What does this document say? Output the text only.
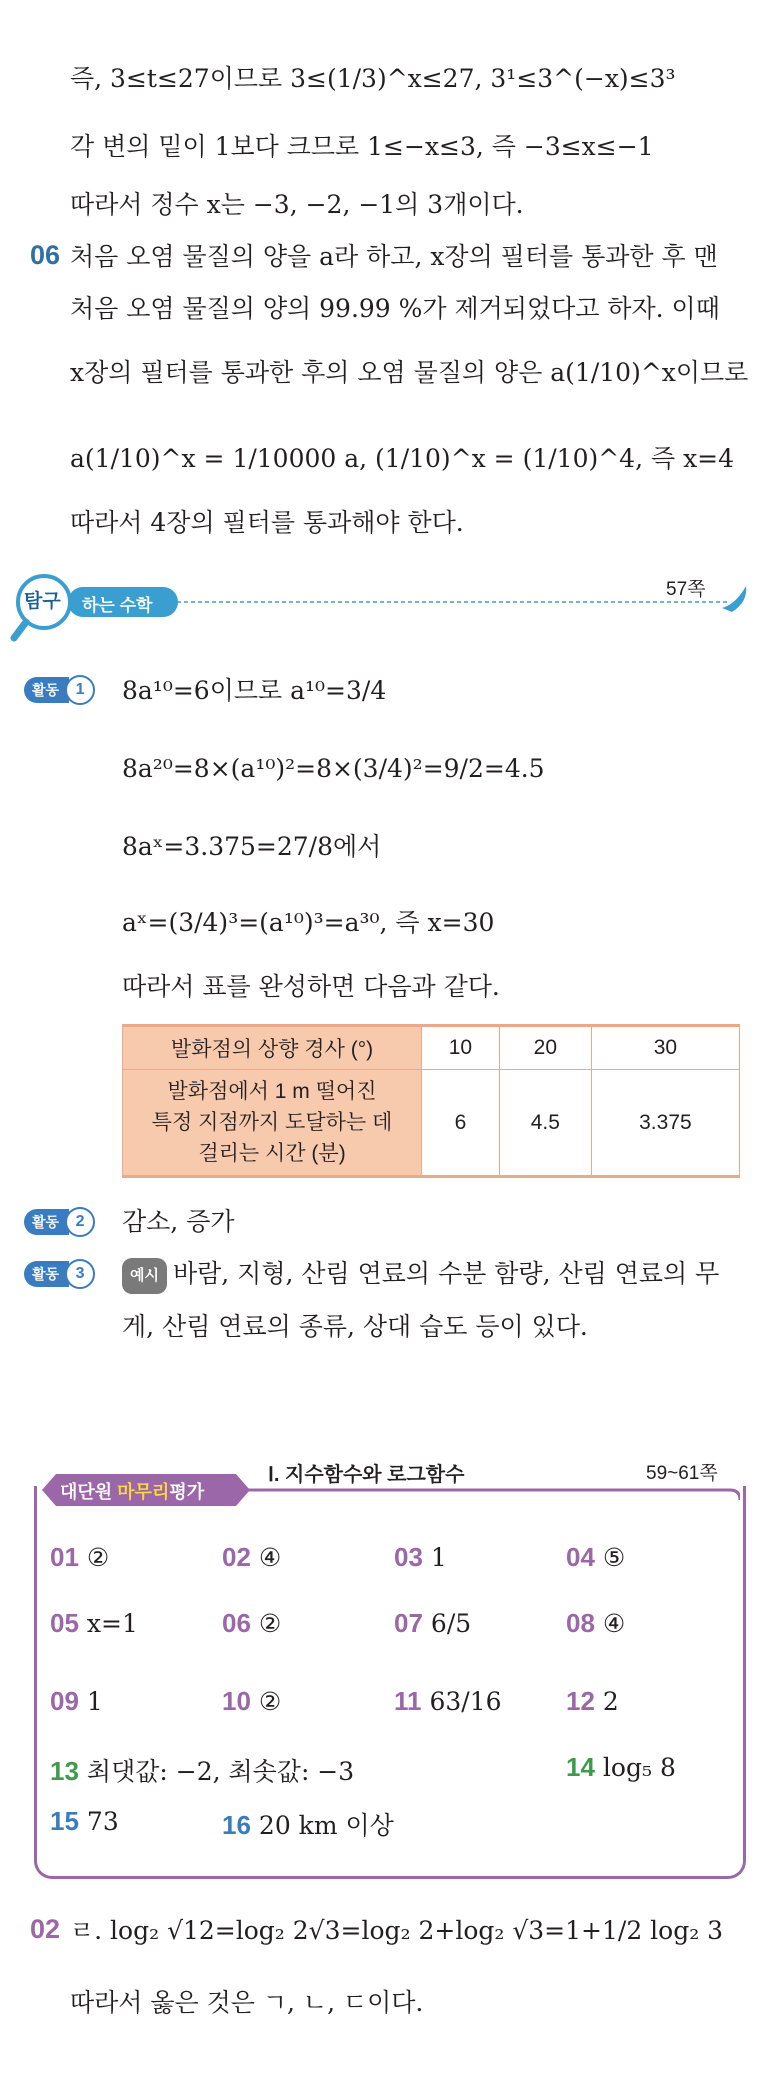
즉, 3≤t≤27이므로 3≤(1/3)^x≤27, 3¹≤3^(−x)≤3³
각 변의 밑이 1보다 크므로 1≤−x≤3, 즉 −3≤x≤−1
따라서 정수 x는 −3, −2, −1의 3개이다.
06 처음 오염 물질의 양을 a라 하고, x장의 필터를 통과한 후 맨
처음 오염 물질의 양의 99.99 %가 제거되었다고 하자. 이때
x장의 필터를 통과한 후의 오염 물질의 양은 a(1/10)^x이므로
a(1/10)^x = 1/10000 a, (1/10)^x = (1/10)^4, 즉 x=4
따라서 4장의 필터를 통과해야 한다.
탐구 하는 수학
57쪽
활동	1	8a¹⁰=6이므로 a¹⁰=3/4
8a²⁰=8×(a¹⁰)²=8×(3/4)²=9/2=4.5
8aˣ=3.375=27/8에서
aˣ=(3/4)³=(a¹⁰)³=a³⁰, 즉 x=30
따라서 표를 완성하면 다음과 같다.
발화점의 상향 경사 (°)	10	20	30

발화점에서 1 m 떨어진
특정 지점까지 도달하는 데
걸리는 시간 (분)	6	4.5	3.375
활동	2	감소, 증가
활동	3	예시 바람, 지형, 산림 연료의 수분 함량, 산림 연료의 무
게, 산림 연료의 종류, 상대 습도 등이 있다.
대단원 마무리평가
Ⅰ. 지수함수와 로그함수	59~61쪽
01 ②	02 ④	03 1	04 ⑤
05 x=1	06 ②	07 6/5	08 ④
09 1	10 ②	11 63/16 12 2
13 최댓값: −2, 최솟값: −3	14 log₅ 8
15 73	16 20 km 이상
02 ㄹ. log₂ √12=log₂ 2√3=log₂ 2+log₂ √3=1+1/2 log₂ 3
따라서 옳은 것은 ㄱ, ㄴ, ㄷ이다.
